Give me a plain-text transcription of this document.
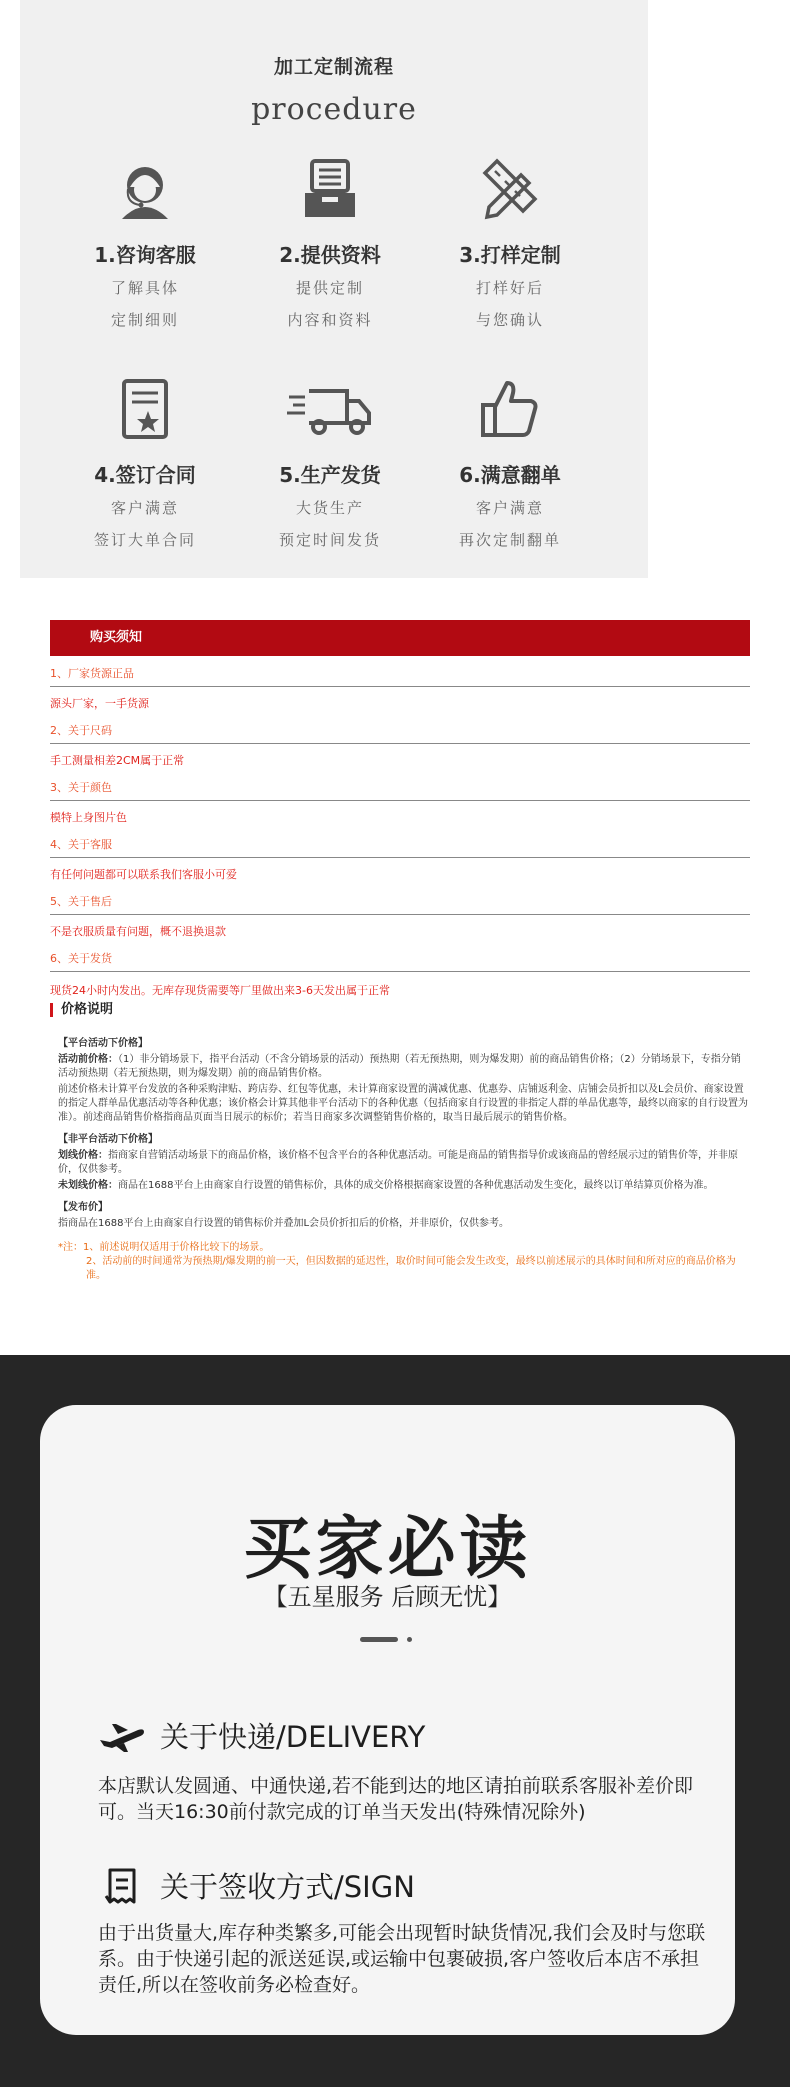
加工定制流程
procedure
1.咨询客服
了解具体
定制细则
2.提供资料
提供定制
内容和资料
3.打样定制
打样好后
与您确认
4.签订合同
客户满意
签订大单合同
5.生产发货
大货生产
预定时间发货
6.满意翻单
客户满意
再次定制翻单
购买须知
1、厂家货源正品
源头厂家，一手货源
2、关于尺码
手工测量相差2CM属于正常
3、关于颜色
模特上身图片色
4、关于客服
有任何问题都可以联系我们客服小可爱
5、关于售后
不是衣服质量有问题，概不退换退款
6、关于发货
现货24小时内发出。无库存现货需要等厂里做出来3-6天发出属于正常
价格说明
【平台活动下价格】
活动前价格：（1）非分销场景下，指平台活动（不含分销场景的活动）预热期（若无预热期，则为爆发期）前的商品销售价格；（2）分销场景下，专指分销活动预热期（若无预热期，则为爆发期）前的商品销售价格。
前述价格未计算平台发放的各种采购津贴、跨店券、红包等优惠，未计算商家设置的满减优惠、优惠券、店铺返利金、店铺会员折扣以及L会员价、商家设置的指定人群单品优惠活动等各种优惠；该价格会计算其他非平台活动下的各种优惠（包括商家自行设置的非指定人群的单品优惠等，最终以商家的自行设置为准）。前述商品销售价格指商品页面当日展示的标价；若当日商家多次调整销售价格的，取当日最后展示的销售价格。
【非平台活动下价格】
划线价格：指商家自营销活动场景下的商品价格，该价格不包含平台的各种优惠活动。可能是商品的销售指导价或该商品的曾经展示过的销售价等，并非原价，仅供参考。
未划线价格：商品在1688平台上由商家自行设置的销售标价，具体的成交价格根据商家设置的各种优惠活动发生变化，最终以订单结算页价格为准。
【发布价】
指商品在1688平台上由商家自行设置的销售标价并叠加L会员价折扣后的价格，并非原价，仅供参考。
*注：1、前述说明仅适用于价格比较下的场景。
2、活动前的时间通常为预热期/爆发期的前一天，但因数据的延迟性，取价时间可能会发生改变，最终以前述展示的具体时间和所对应的商品价格为准。
买家必读
【五星服务 后顾无忧】
关于快递/DELIVERY
本店默认发圆通、中通快递,若不能到达的地区请拍前联系客服补差价即可。当天16:30前付款完成的订单当天发出(特殊情况除外)
关于签收方式/SIGN
由于出货量大,库存种类繁多,可能会出现暂时缺货情况,我们会及时与您联系。由于快递引起的派送延误,或运输中包裹破损,客户签收后本店不承担责任,所以在签收前务必检查好。
